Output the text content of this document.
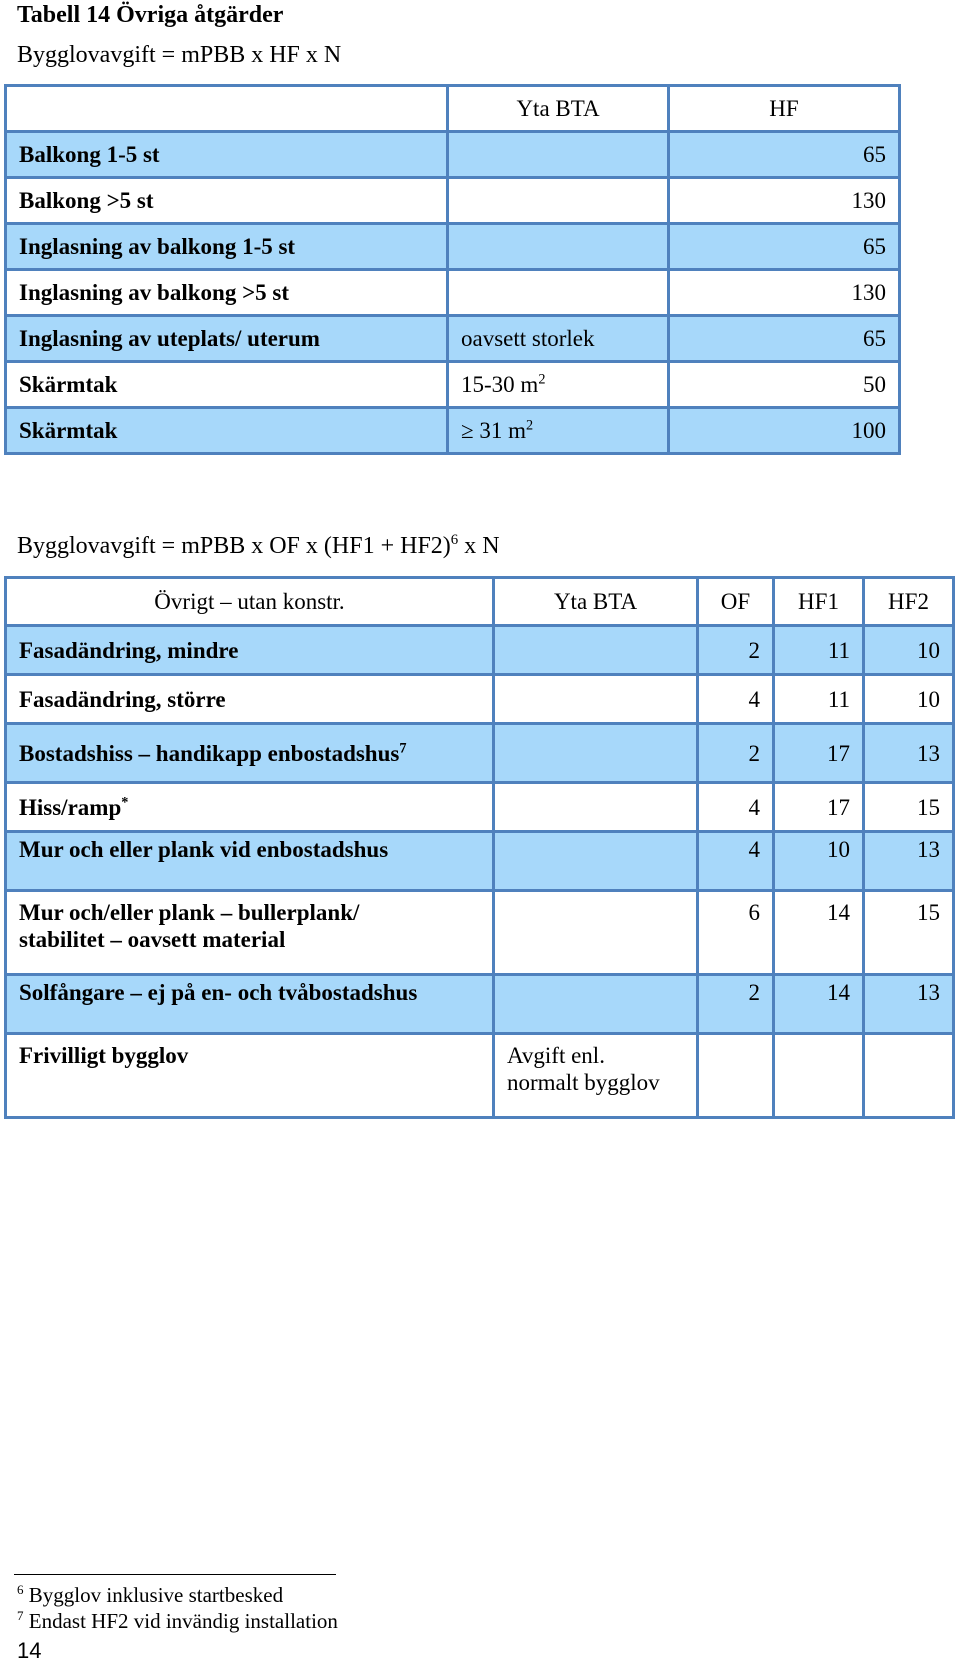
Tabell 14 Övriga åtgärder
Bygglovavgift = mPBB x HF x N
	Yta BTA	HF
Balkong 1-5 st		65
Balkong >5 st		130
Inglasning av balkong 1-5 st		65
Inglasning av balkong >5 st		130
Inglasning av uteplats/ uterum	oavsett storlek	65
Skärmtak	15-30 $m^2$	50
Skärmtak	≥ 31 $m^2$	100
Bygglovavgift = mPBB x OF x $(HF1 + HF2)^6$ x N
Övrigt – utan konstr.	Yta BTA	OF	HF1	HF2
Fasadändring, mindre		2	11	10
Fasadändring, större		4	11	10
Bostadshiss – handikapp enbostadshus$^7$		2	17	13
Hiss/ramp*		4	17	15
Mur och eller plank vid enbostadshus		4	10	13
Mur och/eller plank – bullerplank/
stabilitet – oavsett material		6	14	15
Solfångare – ej på en- och tvåbostadshus		2	14	13
Frivilligt bygglov	Avgift enl.
normalt bygglov			
$^6$ Bygglov inklusive startbesked
$^7$ Endast HF2 vid invändig installation
14
